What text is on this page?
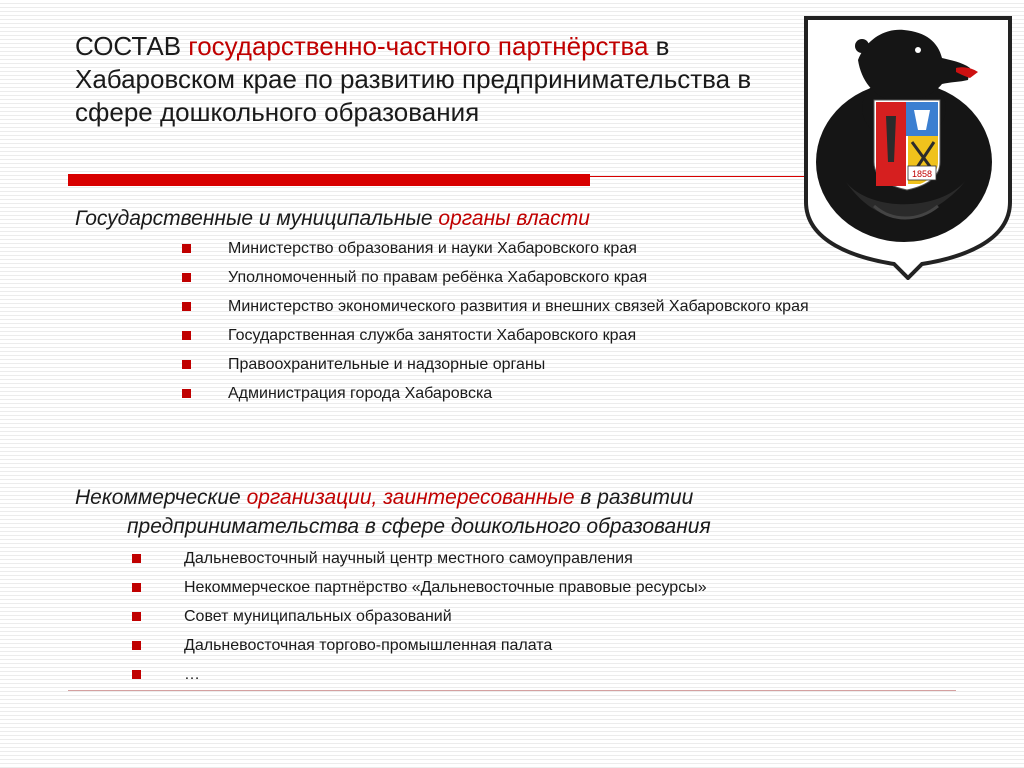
СОСТАВ государственно-частного партнёрства в Хабаровском крае по развитию предпринимательства в сфере дошкольного образования
1858
Государственные и муниципальные органы власти
Министерство образования и науки Хабаровского края
Уполномоченный по правам ребёнка Хабаровского края
Министерство экономического развития и внешних связей Хабаровского края
Государственная служба занятости Хабаровского края
Правоохранительные и надзорные органы
Администрация города Хабаровска
Некоммерческие организации, заинтересованные в развитии
предпринимательства в сфере дошкольного образования
Дальневосточный научный центр местного самоуправления
Некоммерческое партнёрство «Дальневосточные правовые ресурсы»
Совет муниципальных образований
Дальневосточная торгово-промышленная палата
…
